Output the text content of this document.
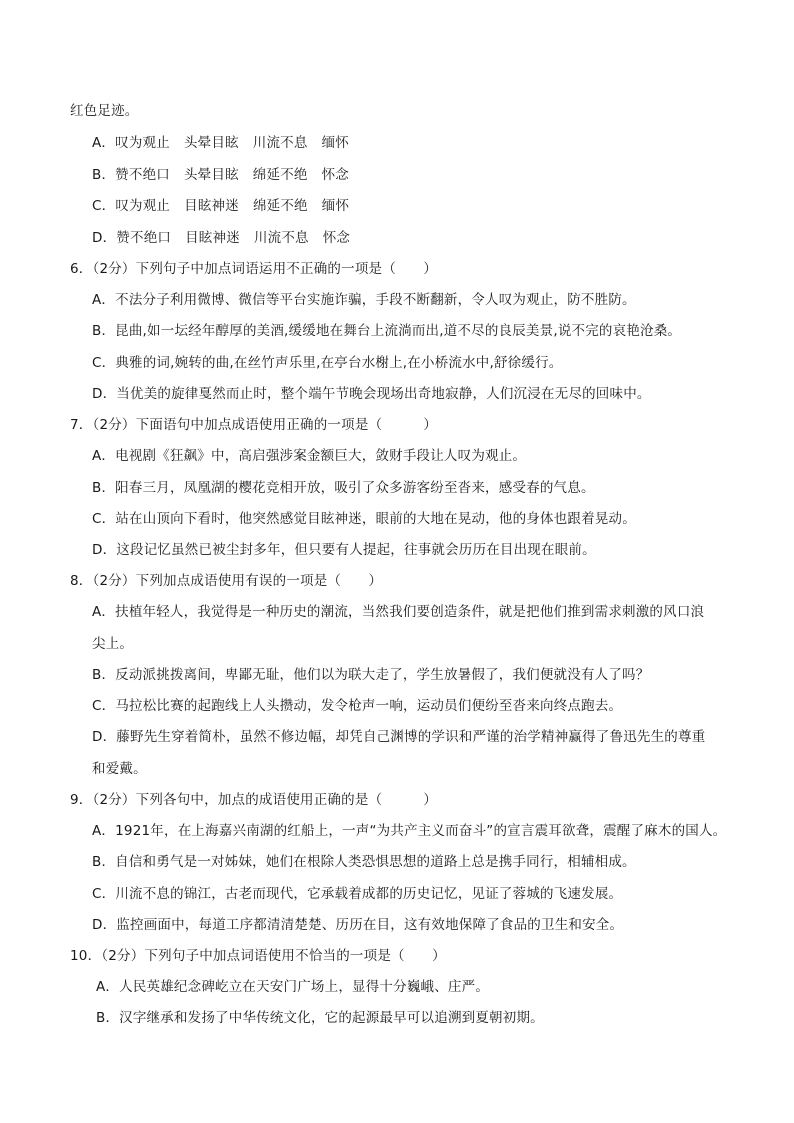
红色足迹。
A．叹为观止 头晕目眩 川流不息 缅怀
B．赞不绝口 头晕目眩 绵延不绝 怀念
C．叹为观止 目眩神迷 绵延不绝 缅怀
D．赞不绝口 目眩神迷 川流不息 怀念
6．（2分）下列句子中加点词语运用不正确的一项是（　　）
A．不法分子利用微博、微信等平台实施诈骗，手段不断翻新，令人叹为观止，防不胜防。
B．昆曲,如一坛经年醇厚的美酒,缓缓地在舞台上流淌而出,道不尽的良辰美景,说不完的哀艳沧桑。
C．典雅的词,婉转的曲,在丝竹声乐里,在亭台水榭上,在小桥流水中,舒徐缓行。
D．当优美的旋律戛然而止时，整个端午节晚会现场出奇地寂静，人们沉浸在无尽的回味中。
7．（2分）下面语句中加点成语使用正确的一项是（　　　）
A．电视剧《狂飙》中，高启强涉案金额巨大，敛财手段让人叹为观止。
B．阳春三月，凤凰湖的樱花竞相开放，吸引了众多游客纷至沓来，感受春的气息。
C．站在山顶向下看时，他突然感觉目眩神迷，眼前的大地在晃动，他的身体也跟着晃动。
D．这段记忆虽然已被尘封多年，但只要有人提起，往事就会历历在目出现在眼前。
8．（2分）下列加点成语使用有误的一项是（　　）
A．扶植年轻人，我觉得是一种历史的潮流，当然我们要创造条件，就是把他们推到需求刺激的风口浪
尖上。
B．反动派挑拨离间，卑鄙无耻，他们以为联大走了，学生放暑假了，我们便就没有人了吗？
C．马拉松比赛的起跑线上人头攒动，发令枪声一响，运动员们便纷至沓来向终点跑去。
D．藤野先生穿着简朴，虽然不修边幅，却凭自己渊博的学识和严谨的治学精神赢得了鲁迅先生的尊重
和爱戴。
9．（2分）下列各句中，加点的成语使用正确的是（　　　）
A．1921年，在上海嘉兴南湖的红船上，一声“为共产主义而奋斗”的宣言震耳欲聋，震醒了麻木的国人。
B．自信和勇气是一对姊妹，她们在根除人类恐惧思想的道路上总是携手同行，相辅相成。
C．川流不息的锦江，古老而现代，它承载着成都的历史记忆，见证了蓉城的飞速发展。
D．监控画面中，每道工序都清清楚楚、历历在目，这有效地保障了食品的卫生和安全。
10．（2分）下列句子中加点词语使用不恰当的一项是（　　）
A．人民英雄纪念碑屹立在天安门广场上，显得十分巍峨、庄严。
B．汉字继承和发扬了中华传统文化，它的起源最早可以追溯到夏朝初期。
